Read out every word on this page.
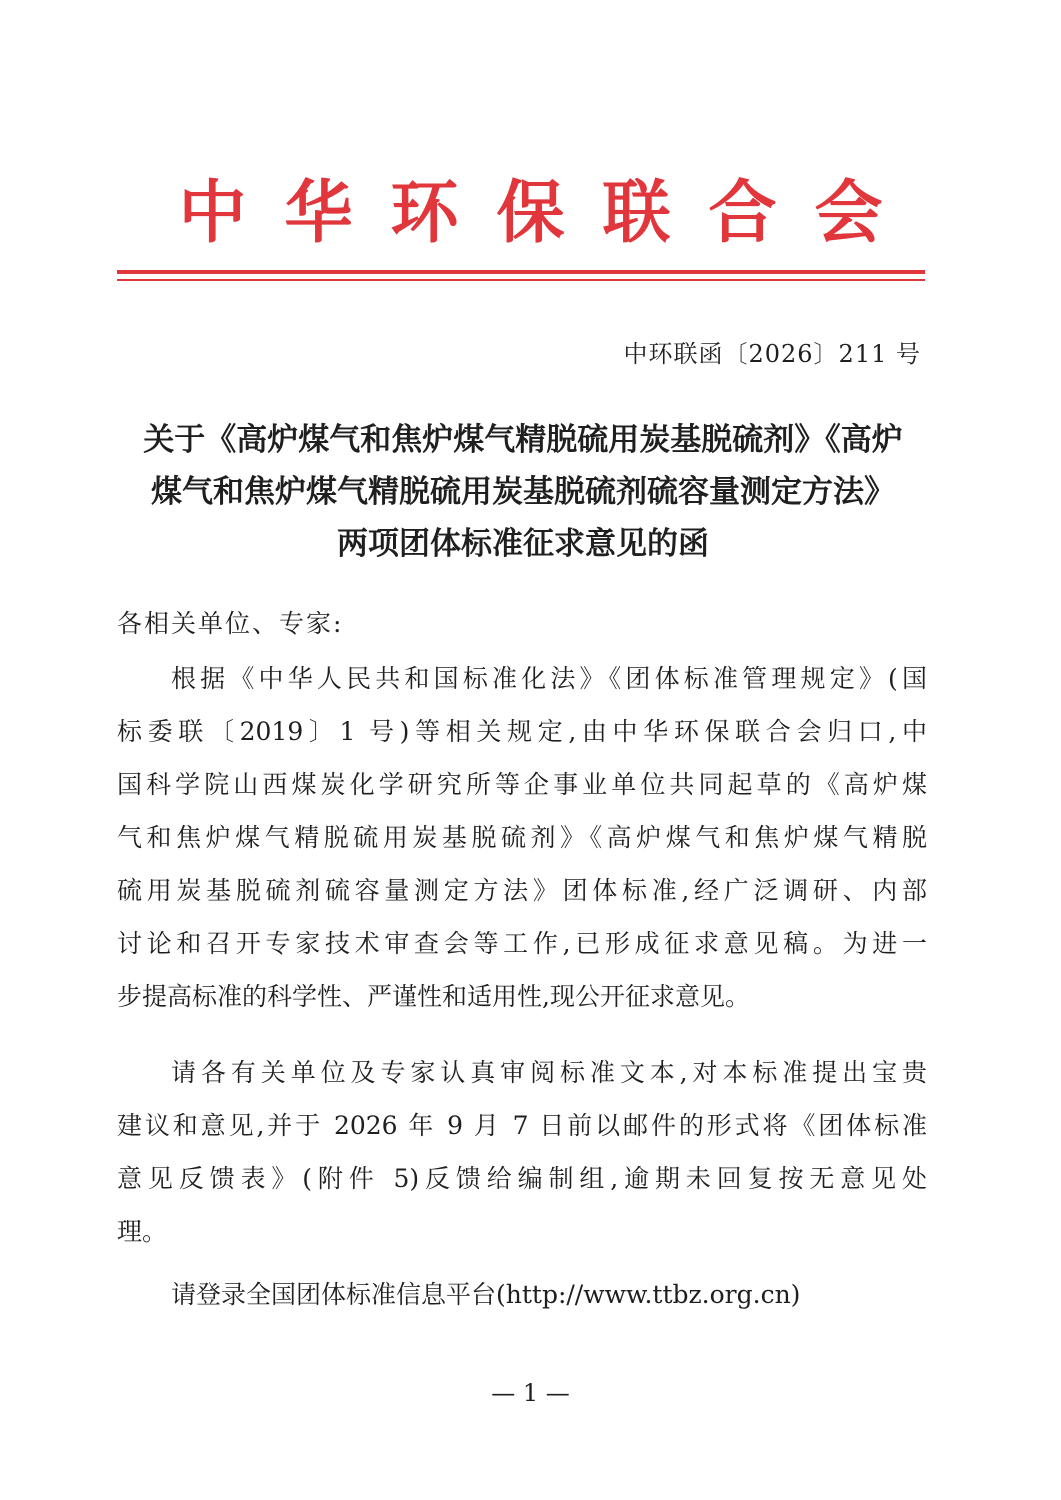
中华环保联合会
中环联函〔2026〕211 号
关于《高炉煤气和焦炉煤气精脱硫用炭基脱硫剂》《高炉
煤气和焦炉煤气精脱硫用炭基脱硫剂硫容量测定方法》
两项团体标准征求意见的函
各相关单位、专家:
根据《中华人民共和国标准化法》《团体标准管理规定》(国
标委联〔2019〕1 号)等相关规定,由中华环保联合会归口,中
国科学院山西煤炭化学研究所等企事业单位共同起草的《高炉煤
气和焦炉煤气精脱硫用炭基脱硫剂》《高炉煤气和焦炉煤气精脱
硫用炭基脱硫剂硫容量测定方法》团体标准,经广泛调研、内部
讨论和召开专家技术审查会等工作,已形成征求意见稿。为进一
步提高标准的科学性、严谨性和适用性,现公开征求意见。
请各有关单位及专家认真审阅标准文本,对本标准提出宝贵
建议和意见,并于 2026 年 9 月 7 日前以邮件的形式将《团体标准
意见反馈表》(附件 5)反馈给编制组,逾期未回复按无意见处
理。
请登录全国团体标准信息平台(http://www.ttbz.org.cn)
— 1 —
